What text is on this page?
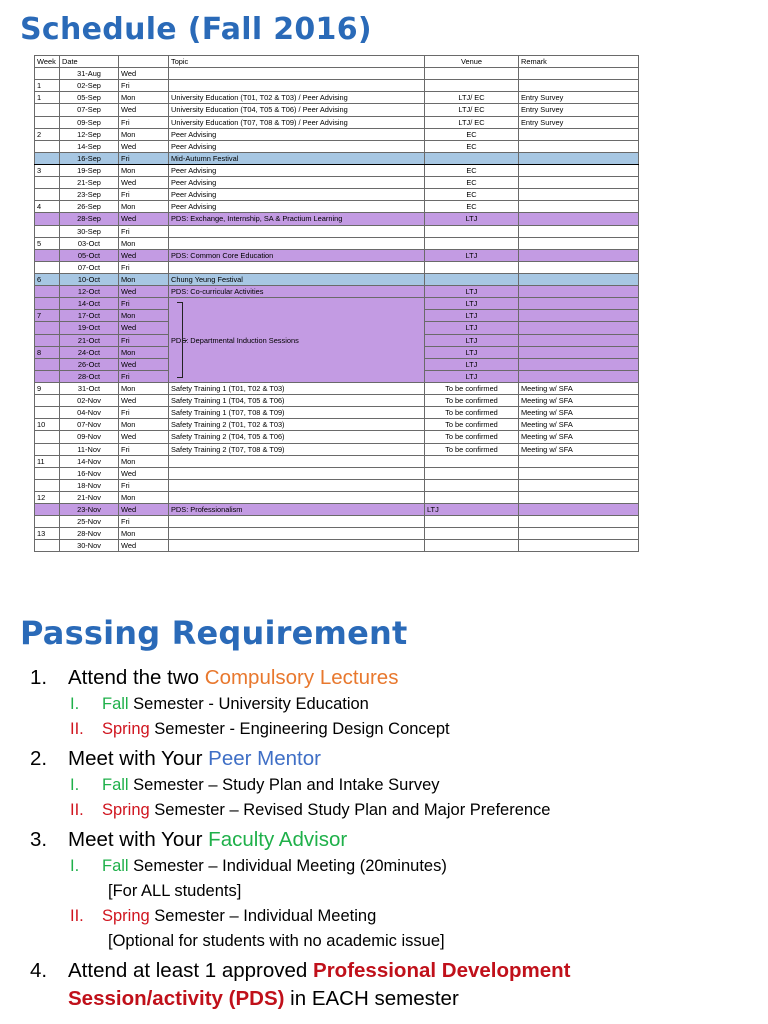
Schedule (Fall 2016)
Week	Date		Topic	Venue	Remark
	31-Aug	Wed			
1	02-Sep	Fri			
1	05-Sep	Mon	University Education (T01, T02 & T03) / Peer Advising	LTJ/ EC	Entry Survey
	07-Sep	Wed	University Education (T04, T05 & T06) / Peer Advising	LTJ/ EC	Entry Survey
	09-Sep	Fri	University Education (T07, T08 & T09) / Peer Advising	LTJ/ EC	Entry Survey
2	12-Sep	Mon	Peer Advising	EC	
	14-Sep	Wed	Peer Advising	EC	
	16-Sep	Fri	Mid-Autumn Festival		
3	19-Sep	Mon	Peer Advising	EC	
	21-Sep	Wed	Peer Advising	EC	
	23-Sep	Fri	Peer Advising	EC	
4	26-Sep	Mon	Peer Advising	EC	
	28-Sep	Wed	PDS: Exchange, Internship, SA & Practium Learning	LTJ	
	30-Sep	Fri			
5	03-Oct	Mon			
	05-Oct	Wed	PDS: Common Core Education	LTJ	
	07-Oct	Fri			
6	10-Oct	Mon	Chung Yeung Festival		
	12-Oct	Wed	PDS: Co-curricular Activities	LTJ	
	14-Oct	Fri	PDS: Departmental Induction Sessions	LTJ	
7	17-Oct	Mon		LTJ	
	19-Oct	Wed		LTJ	
	21-Oct	Fri		LTJ	
8	24-Oct	Mon		LTJ	
	26-Oct	Wed		LTJ	
	28-Oct	Fri		LTJ	
9	31-Oct	Mon	Safety Training 1 (T01, T02 & T03)	To be confirmed	Meeting w/ SFA
	02-Nov	Wed	Safety Training 1 (T04, T05 & T06)	To be confirmed	Meeting w/ SFA
	04-Nov	Fri	Safety Training 1 (T07, T08 & T09)	To be confirmed	Meeting w/ SFA
10	07-Nov	Mon	Safety Training 2 (T01, T02 & T03)	To be confirmed	Meeting w/ SFA
	09-Nov	Wed	Safety Training 2 (T04, T05 & T06)	To be confirmed	Meeting w/ SFA
	11-Nov	Fri	Safety Training 2 (T07, T08 & T09)	To be confirmed	Meeting w/ SFA
11	14-Nov	Mon			
	16-Nov	Wed			
	18-Nov	Fri			
12	21-Nov	Mon			
	23-Nov	Wed	PDS: Professionalism	LTJ	
	25-Nov	Fri			
13	28-Nov	Mon			
	30-Nov	Wed			
Passing Requirement
1. Attend the two Compulsory Lectures
I. Fall Semester - University Education
II. Spring Semester - Engineering Design Concept
2. Meet with Your Peer Mentor
I. Fall Semester – Study Plan and Intake Survey
II. Spring Semester – Revised Study Plan and Major Preference
3. Meet with Your Faculty Advisor
I. Fall Semester – Individual Meeting (20minutes)
[For ALL students]
II. Spring Semester – Individual Meeting
[Optional for students with no academic issue]
4. Attend at least 1 approved Professional Development
Session/activity (PDS) in EACH semester
